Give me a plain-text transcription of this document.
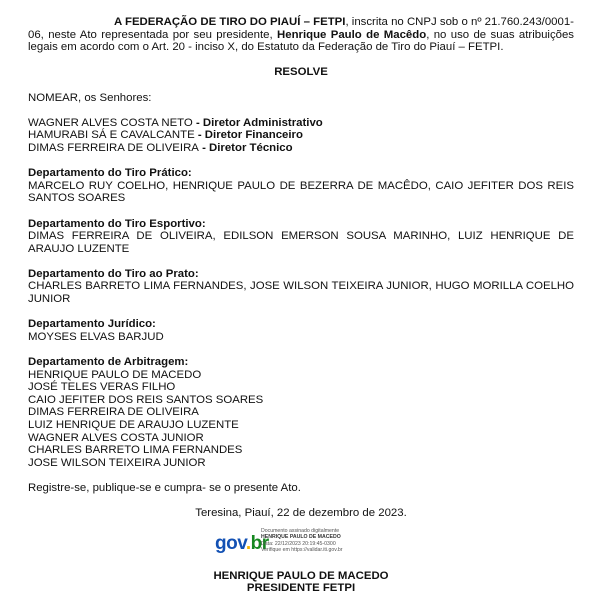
A FEDERAÇÃO DE TIRO DO PIAUÍ – FETPI, inscrita no CNPJ sob o nº 21.760.243/0001-06, neste Ato representada por seu presidente, Henrique Paulo de Macêdo, no uso de suas atribuições legais em acordo com o Art. 20 - inciso X, do Estatuto da Federação de Tiro do Piauí – FETPI.

RESOLVE
NOMEAR, os Senhores:
WAGNER ALVES COSTA NETO - Diretor Administrativo
HAMURABI SÁ E CAVALCANTE - Diretor Financeiro
DIMAS FERREIRA DE OLIVEIRA - Diretor Técnico
Departamento do Tiro Prático:
MARCELO RUY COELHO, HENRIQUE PAULO DE BEZERRA DE MACÊDO, CAIO JEFITER DOS REIS SANTOS SOARES
Departamento do Tiro Esportivo:
DIMAS FERREIRA DE OLIVEIRA, EDILSON EMERSON SOUSA MARINHO, LUIZ HENRIQUE DE ARAUJO LUZENTE
Departamento do Tiro ao Prato:
CHARLES BARRETO LIMA FERNANDES, JOSE WILSON TEIXEIRA JUNIOR, HUGO MORILLA COELHO JUNIOR
Departamento Jurídico:
MOYSES ELVAS BARJUD
Departamento de Arbitragem:
HENRIQUE PAULO DE MACEDO
JOSÉ TELES VERAS FILHO
CAIO JEFITER DOS REIS SANTOS SOARES
DIMAS FERREIRA DE OLIVEIRA
LUIZ HENRIQUE DE ARAUJO LUZENTE
WAGNER ALVES COSTA JUNIOR
CHARLES BARRETO LIMA FERNANDES
JOSE WILSON TEIXEIRA JUNIOR
Registre-se, publique-se e cumpra- se o presente Ato.
Teresina, Piauí, 22 de dezembro de 2023.
gov.br
Documento assinado digitalmente
HENRIQUE PAULO DE MACEDO
Data: 22/12/2023 20:19:45-0300
Verifique em https://validar.iti.gov.br
HENRIQUE PAULO DE MACEDO
PRESIDENTE FETPI
